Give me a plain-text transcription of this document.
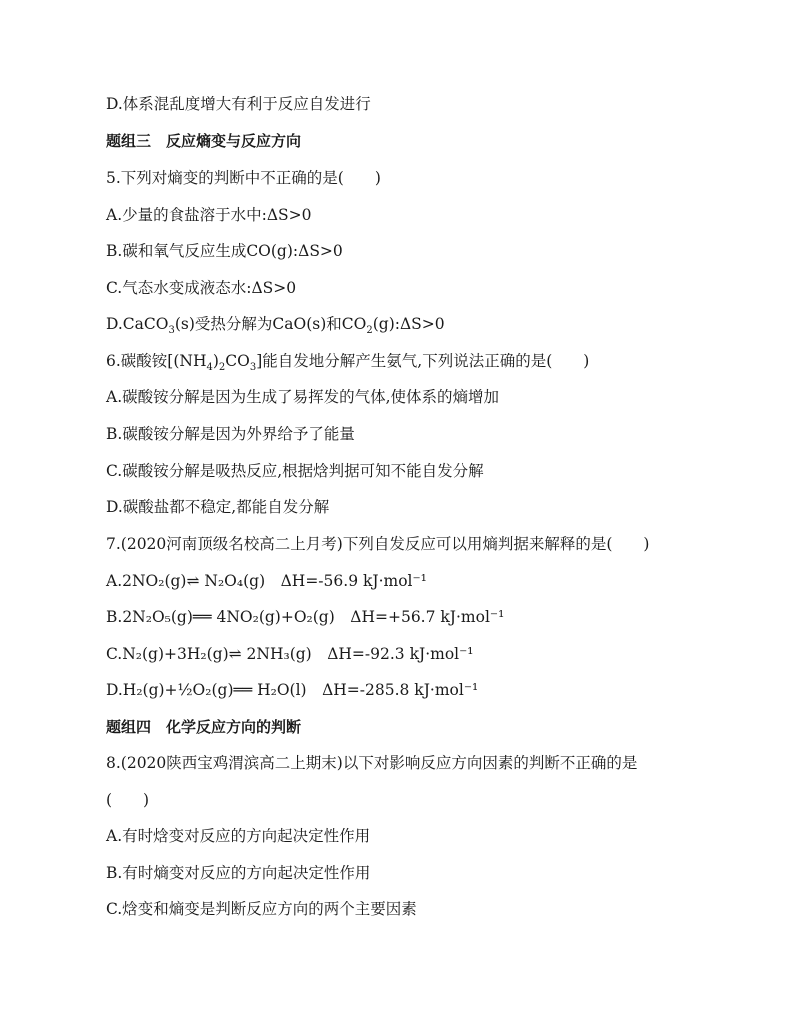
D.体系混乱度增大有利于反应自发进行
题组三　反应熵变与反应方向
5.下列对熵变的判断中不正确的是(　　)
A.少量的食盐溶于水中:ΔS>0
B.碳和氧气反应生成CO(g):ΔS>0
C.气态水变成液态水:ΔS>0
D.CaCO$_3$(s)受热分解为CaO(s)和$CO_2(g):\Delta S>0$
6.碳酸铵$[(NH_4)_2CO_3]$能自发地分解产生氨气,下列说法正确的是(　　)
A.碳酸铵分解是因为生成了易挥发的气体,使体系的熵增加
B.碳酸铵分解是因为外界给予了能量
C.碳酸铵分解是吸热反应,根据焓判据可知不能自发分解
D.碳酸盐都不稳定,都能自发分解
7.(2020河南顶级名校高二上月考)下列自发反应可以用熵判据来解释的是(　　)
A.2NO₂(g)⇌ N₂O₄(g)　ΔH=-56.9 kJ·mol⁻¹
B.2N₂O₅(g)══ 4NO₂(g)+O₂(g)　ΔH=+56.7 kJ·mol⁻¹
C.N₂(g)+3H₂(g)⇌ 2NH₃(g)　ΔH=-92.3 kJ·mol⁻¹
D.H₂(g)+½O₂(g)══ H₂O(l)　ΔH=-285.8 kJ·mol⁻¹
题组四　化学反应方向的判断
8.(2020陕西宝鸡渭滨高二上期末)以下对影响反应方向因素的判断不正确的是
(　　)
A.有时焓变对反应的方向起决定性作用
B.有时熵变对反应的方向起决定性作用
C.焓变和熵变是判断反应方向的两个主要因素
